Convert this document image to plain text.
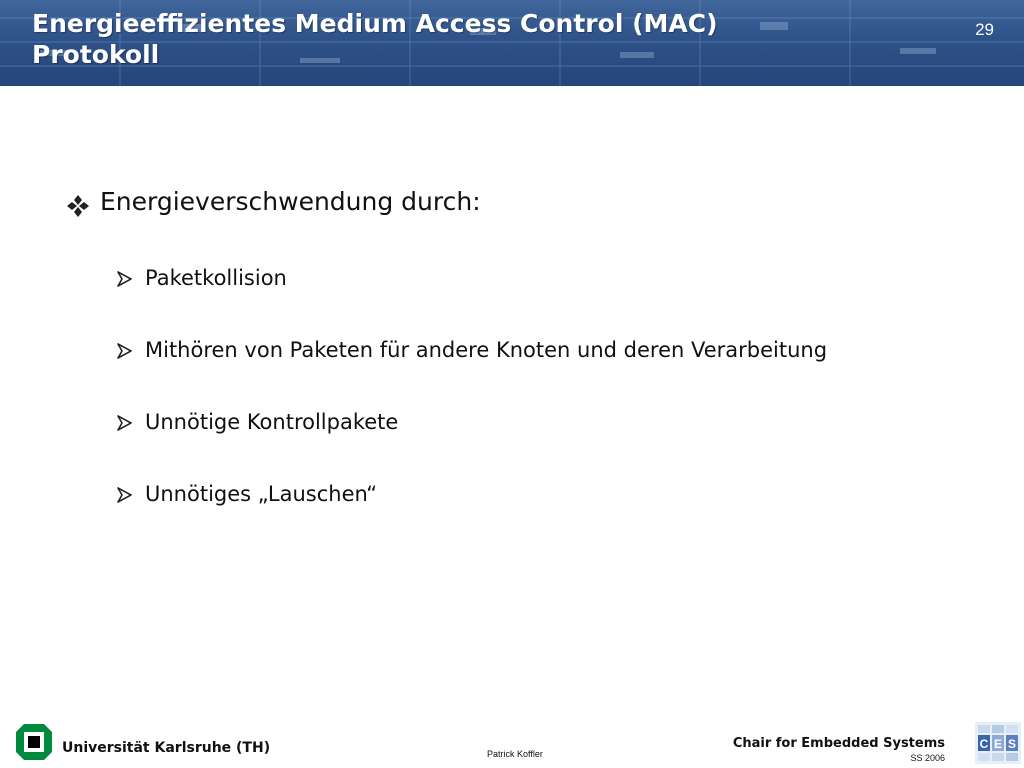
Energieeffizientes Medium Access Control (MAC)
Protokoll
29
Energieverschwendung durch:
Paketkollision
Mithören von Paketen für andere Knoten und deren Verarbeitung
Unnötige Kontrollpakete
Unnötiges „Lauschen“
Universität Karlsruhe (TH)	Patrick Koffler
Chair for Embedded Systems
SS 2006
C E S
